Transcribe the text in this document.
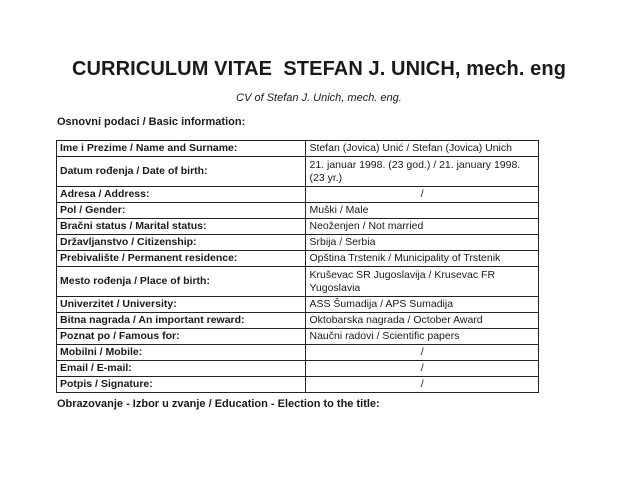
CURRICULUM VITAE  STEFAN J. UNICH, mech. eng
CV of Stefan J. Unich, mech. eng.
Osnovni podaci / Basic information:
Ime i Prezime / Name and Surname:	Stefan (Jovica) Unić / Stefan (Jovica) Unich
Datum rođenja / Date of birth:	21. januar 1998. (23 god.) / 21. january 1998. (23 yr.)
Adresa / Address:	/
Pol / Gender:	Muški / Male
Bračni status / Marital status:	Neoženjen / Not married
Državljanstvo / Citizenship:	Srbija / Serbia
Prebivalište / Permanent residence:	Opština Trstenik / Municipality of Trstenik
Mesto rođenja / Place of birth:	Kruševac SR Jugoslavija / Krusevac FR Yugoslavia
Univerzitet / University:	ASS Šumadija / APS Sumadija
Bitna nagrada / An important reward:	Oktobarska nagrada / October Award
Poznat po / Famous for:	Naučni radovi / Scientific papers
Mobilni / Mobile:	/
Email / E-mail:	/
Potpis / Signature:	/
Obrazovanje - Izbor u zvanje / Education - Election to the title:
